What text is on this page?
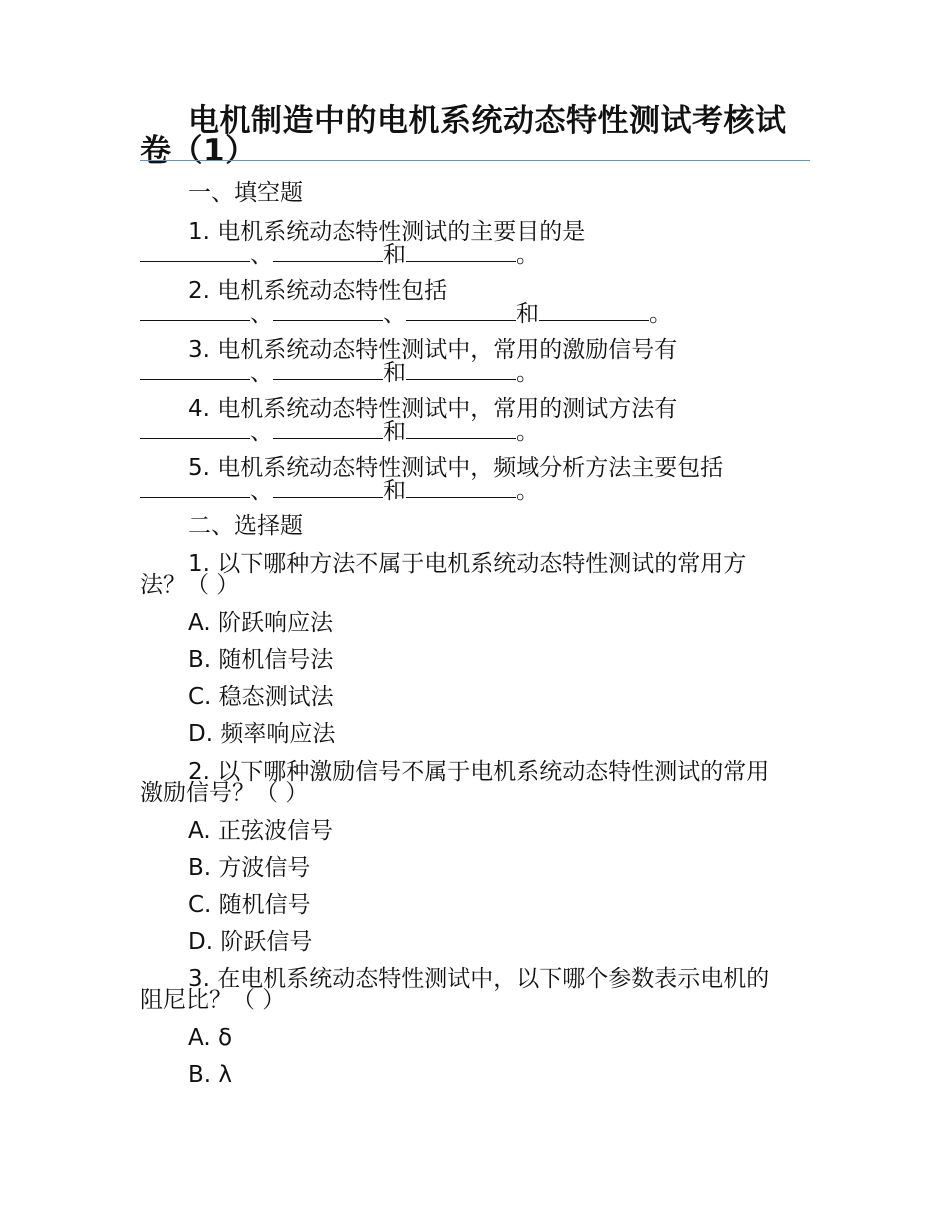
电机制造中的电机系统动态特性测试考核试卷（1）
一、填空题
1. 电机系统动态特性测试的主要目的是
、	和	。
2. 电机系统动态特性包括
、	、	和	。
3. 电机系统动态特性测试中，常用的激励信号有
、	和	。
4. 电机系统动态特性测试中，常用的测试方法有
、	和	。
5. 电机系统动态特性测试中，频域分析方法主要包括
、	和	。
二、选择题
1. 以下哪种方法不属于电机系统动态特性测试的常用方
法？（ ）
A. 阶跃响应法
B. 随机信号法
C. 稳态测试法
D. 频率响应法
2. 以下哪种激励信号不属于电机系统动态特性测试的常用
激励信号？（ ）
A. 正弦波信号
B. 方波信号
C. 随机信号
D. 阶跃信号
3. 在电机系统动态特性测试中，以下哪个参数表示电机的
阻尼比？（ ）
A. δ
B. λ
